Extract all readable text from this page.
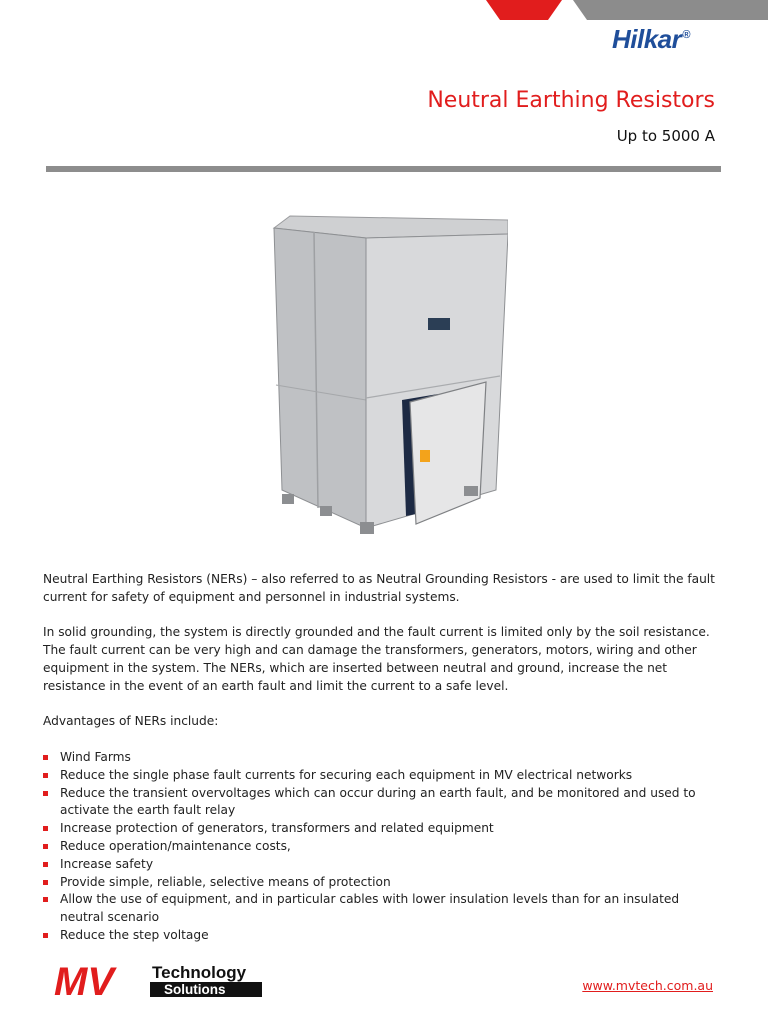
Hilkar®
Neutral Earthing Resistors
Up to 5000 A

Neutral Earthing Resistors (NERs) – also referred to as Neutral Grounding Resistors - are used to limit the fault current for safety of equipment and personnel in industrial systems.

In solid grounding, the system is directly grounded and the fault current is limited only by the soil resistance. The fault current can be very high and can damage the transformers, generators, motors, wiring and other equipment in the system. The NERs, which are inserted between neutral and ground, increase the net resistance in the event of an earth fault and limit the current to a safe level.

Advantages of NERs include:

Wind Farms
Reduce the single phase fault currents for securing each equipment in MV electrical networks
Reduce the transient overvoltages which can occur during an earth fault, and be monitored and used to activate the earth fault relay
Increase protection of generators, transformers and related equipment
Reduce operation/maintenance costs,
Increase safety
Provide simple, reliable, selective means of protection
Allow the use of equipment, and in particular cables with lower insulation levels than for an insulated neutral scenario
Reduce the step voltage
MV Technology
Solutions	www.mvtech.com.au
